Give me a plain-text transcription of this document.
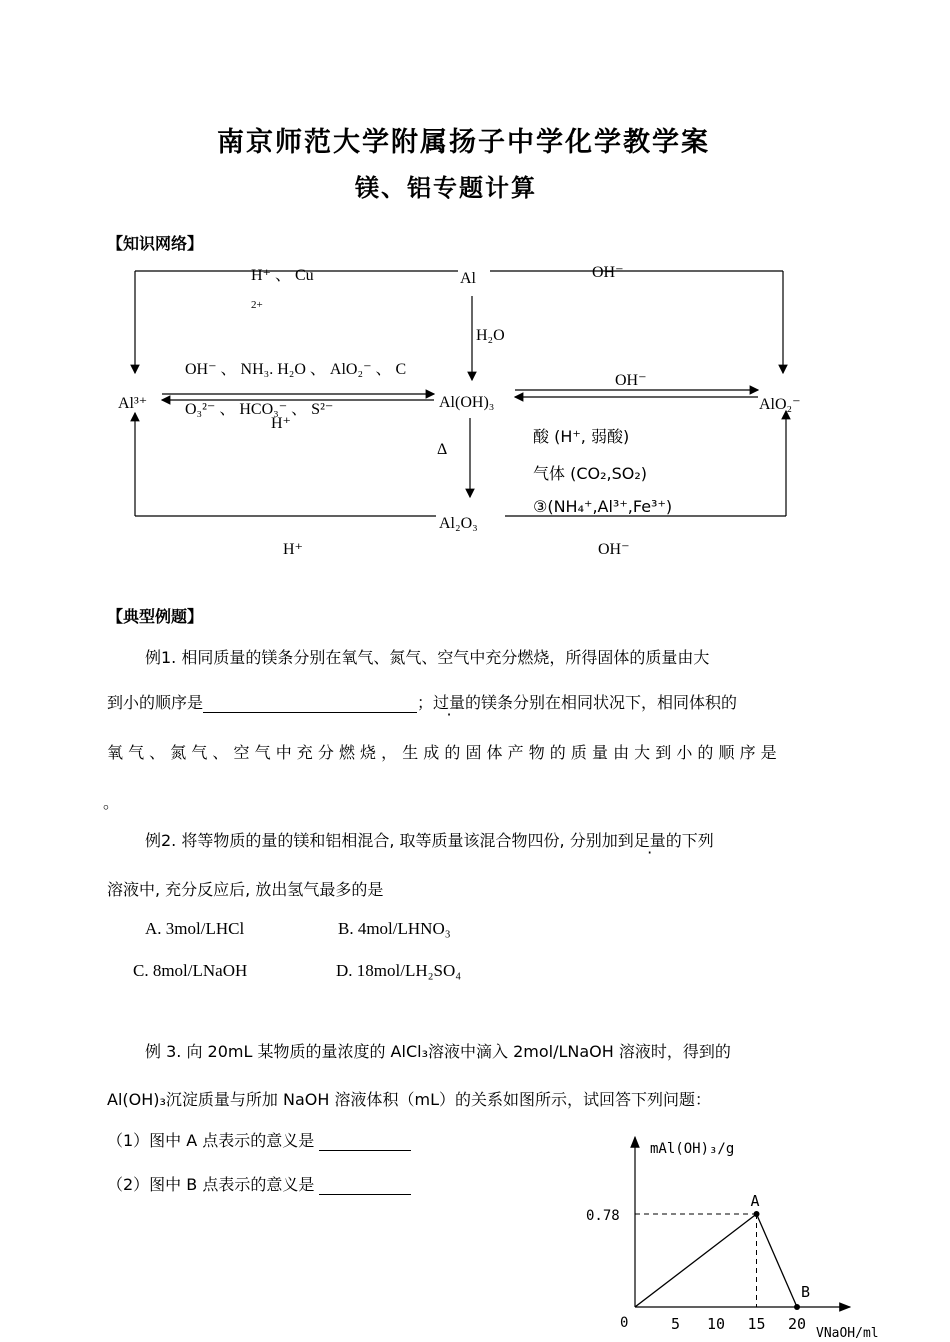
南京师范大学附属扬子中学化学教学案
镁、铝专题计算
【知识网络】
Al
H⁺ 、 Cu
2+
OH⁻
H₂O
OH⁻ 、 NH₃. H₂O 、 AlO₂⁻ 、 C
O₃²⁻ 、 HCO₃⁻ 、 S²⁻
H⁺
Al³⁺	Al(OH)₃	AlO₂⁻
OH⁻
Δ
酸 (H⁺, 弱酸)
气体 (CO₂,SO₂)
③(NH₄⁺,Al³⁺,Fe³⁺)
Al₂O₃
H⁺	OH⁻
【典型例题】
例1. 相同质量的镁条分别在氧气、氮气、空气中充分燃烧，所得固体的质量由大
到小的顺序是	；过量的镁条分别在相同状况下，相同体积的
氧 气 、 氮 气 、 空 气 中 充 分 燃 烧 ， 生 成 的 固 体 产 物 的 质 量 由 大 到 小 的 顺 序 是
。
例2. 将等物质的量的镁和铝相混合, 取等质量该混合物四份, 分别加到足量的下列
溶液中, 充分反应后, 放出氢气最多的是
A. 3mol/LHCl	B. 4mol/LHNO₃
C. 8mol/LNaOH	D. 18mol/LH₂SO₄
例 3. 向 20mL 某物质的量浓度的 AlCl₃溶液中滴入 2mol/LNaOH 溶液时，得到的
Al(OH)₃沉淀质量与所加 NaOH 溶液体积（mL）的关系如图所示，试回答下列问题：
（1）图中 A 点表示的意义是
（2）图中 B 点表示的意义是
mAl(OH)₃/g
VNaOH/ml
0.78
0
A
B
5 10 15 20
